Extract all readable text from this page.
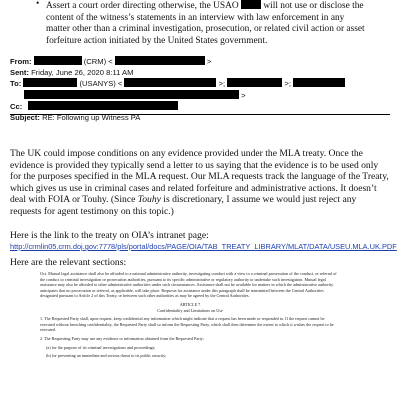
• Assert a court order directing otherwise, the USAO	will not use or disclose the
content of the witness’s statements in an interview with law enforcement in any
matter other than a criminal investigation, prosecution, or related civil action or asset
forfeiture action initiated by the United States government.
From:	(CRM) <	>
Sent: Friday, June 26, 2020 8:11 AM
To:	(USANYS) <	>;	>;
>
Cc:
Subject: RE: Following up Witness PA
The UK could impose conditions on any evidence provided under the MLA treaty. Once the evidence is provided they typically send a letter to us saying that the evidence is to be used only for the purposes specified in the MLA request. Our MLA requests track the language of the Treaty, which gives us use in criminal cases and related forfeiture and administrative actions. It doesn’t deal with FOIA or Touhy. (Since Touhy is discretionary, I assume we would just reject any requests for agent testimony on this topic.)
Here is the link to the treaty on OIA’s intranet page:
http://crmlin05.crm.doj.gov:7778/pls/portal/docs/PAGE/OIA/TAB_TREATY_LIBRARY/MLAT/DATA/USEU.MLA.UK.PDF
Here are the relevant sections:

Oct. Mutual legal assistance shall also be afforded to a national administrative authority, investigating conduct with a view to a criminal prosecution of the conduct, or referral of the conduct to criminal investigation or prosecution authorities, pursuant to its specific administrative or regulatory authority to undertake such investigation. Mutual legal assistance may also be afforded to other administrative authorities under such circumstances. Assistance shall not be available for matters in which the administrative authority anticipates that no prosecution or referral, as applicable, will take place. Requests for assistance under this paragraph shall be transmitted between the Central Authorities designated pursuant to Article 2 of this Treaty, or between such other authorities as may be agreed by the Central Authorities.

ARTICLE 7

Confidentiality and Limitations on Use

1. The Requested Party shall, upon request, keep confidential any information which might indicate that a request has been made or responded to. If the request cannot be executed without breaching confidentiality, the Requested Party shall so inform the Requesting Party, which shall then determine the extent to which it wishes the request to be executed.

2. The Requesting Party may use any evidence or information obtained from the Requested Party:

(a) for the purpose of its criminal investigations and proceedings;

(b) for preventing an immediate and serious threat to its public security;
